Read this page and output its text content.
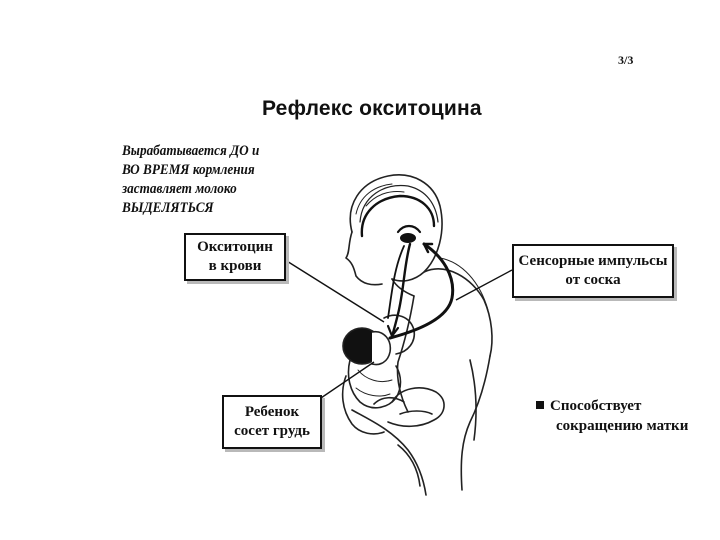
3/3
Рефлекс окситоцина
Вырабатывается ДО и
ВО ВРЕМЯ кормления
заставляет молоко
ВЫДЕЛЯТЬСЯ
Окситоцин
в крови	Сенсорные импульсы
от соска
Ребенок
сосет грудь
Способствует
сокращению матки
